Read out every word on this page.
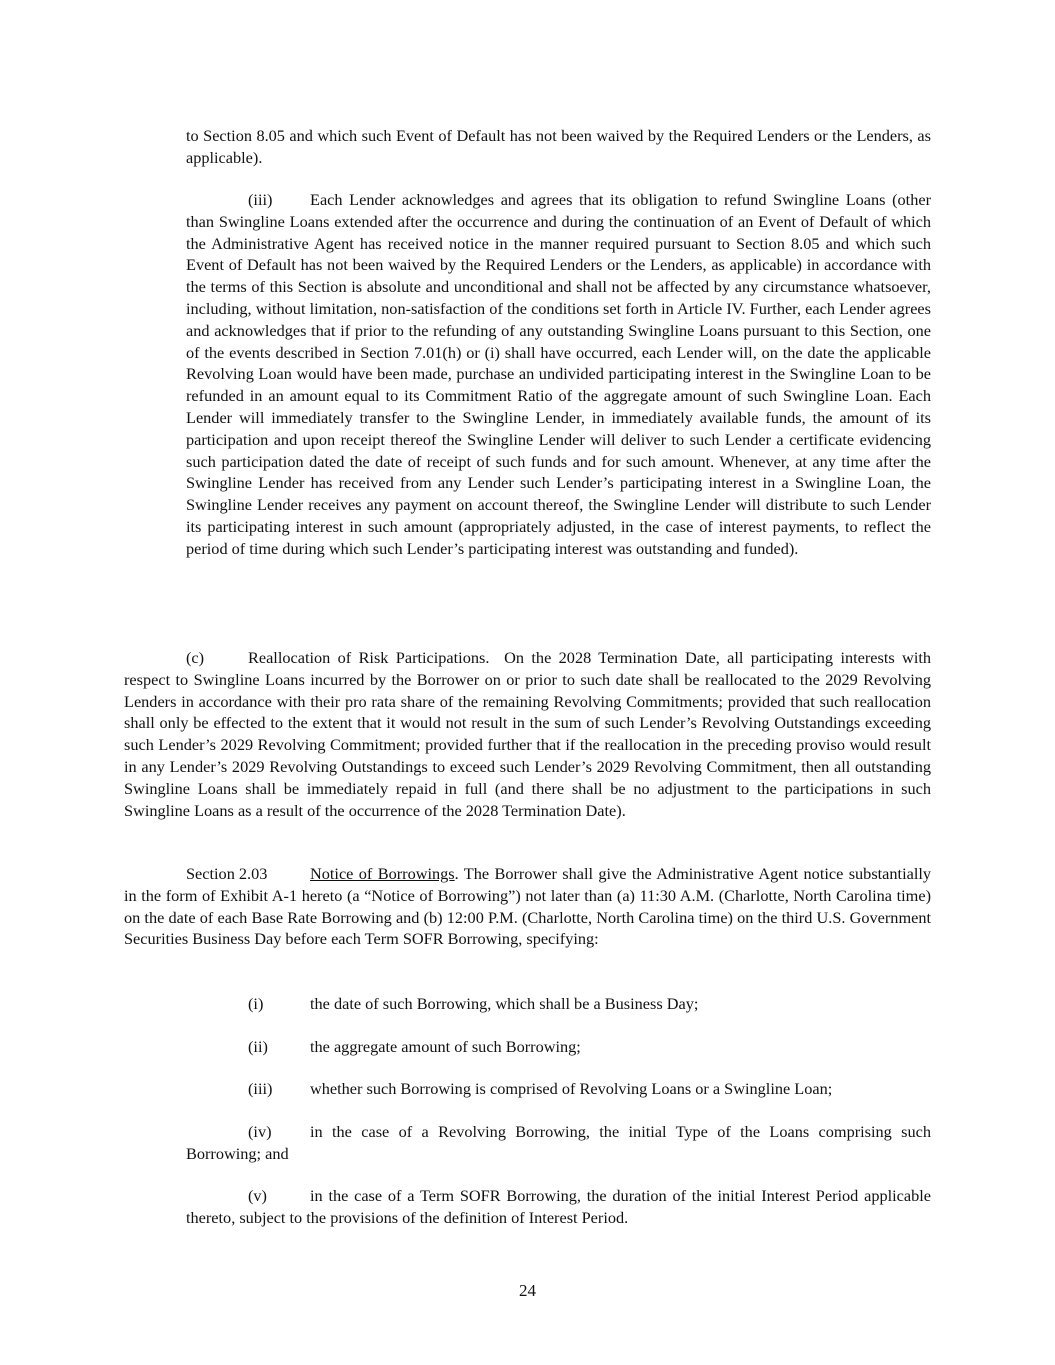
to Section 8.05 and which such Event of Default has not been waived by the Required Lenders or the Lenders, as applicable).

(iii) Each Lender acknowledges and agrees that its obligation to refund Swingline Loans (other than Swingline Loans extended after the occurrence and during the continuation of an Event of Default of which the Administrative Agent has received notice in the manner required pursuant to Section 8.05 and which such Event of Default has not been waived by the Required Lenders or the Lenders, as applicable) in accordance with the terms of this Section is absolute and unconditional and shall not be affected by any circumstance whatsoever, including, without limitation, non-satisfaction of the conditions set forth in Article IV. Further, each Lender agrees and acknowledges that if prior to the refunding of any outstanding Swingline Loans pursuant to this Section, one of the events described in Section 7.01(h) or (i) shall have occurred, each Lender will, on the date the applicable Revolving Loan would have been made, purchase an undivided participating interest in the Swingline Loan to be refunded in an amount equal to its Commitment Ratio of the aggregate amount of such Swingline Loan. Each Lender will immediately transfer to the Swingline Lender, in immediately available funds, the amount of its participation and upon receipt thereof the Swingline Lender will deliver to such Lender a certificate evidencing such participation dated the date of receipt of such funds and for such amount. Whenever, at any time after the Swingline Lender has received from any Lender such Lender’s participating interest in a Swingline Loan, the Swingline Lender receives any payment on account thereof, the Swingline Lender will distribute to such Lender its participating interest in such amount (appropriately adjusted, in the case of interest payments, to reflect the period of time during which such Lender’s participating interest was outstanding and funded).

(c)	Reallocation of Risk Participations. On the 2028 Termination Date, all participating interests with respect to Swingline Loans incurred by the Borrower on or prior to such date shall be reallocated to the 2029 Revolving Lenders in accordance with their pro rata share of the remaining Revolving Commitments; provided that such reallocation shall only be effected to the extent that it would not result in the sum of such Lender’s Revolving Outstandings exceeding such Lender’s 2029 Revolving Commitment; provided further that if the reallocation in the preceding proviso would result in any Lender’s 2029 Revolving Outstandings to exceed such Lender’s 2029 Revolving Commitment, then all outstanding Swingline Loans shall be immediately repaid in full (and there shall be no adjustment to the participations in such Swingline Loans as a result of the occurrence of the 2028 Termination Date).

Section 2.03	Notice of Borrowings. The Borrower shall give the Administrative Agent notice substantially in the form of Exhibit A-1 hereto (a “Notice of Borrowing”) not later than (a) 11:30 A.M. (Charlotte, North Carolina time) on the date of each Base Rate Borrowing and (b) 12:00 P.M. (Charlotte, North Carolina time) on the third U.S. Government Securities Business Day before each Term SOFR Borrowing, specifying:

(i)	the date of such Borrowing, which shall be a Business Day;

(ii)	the aggregate amount of such Borrowing;

(iii) whether such Borrowing is comprised of Revolving Loans or a Swingline Loan;

(iv) in the case of a Revolving Borrowing, the initial Type of the Loans comprising such Borrowing; and

(v)	in the case of a Term SOFR Borrowing, the duration of the initial Interest Period applicable thereto, subject to the provisions of the definition of Interest Period.

24
